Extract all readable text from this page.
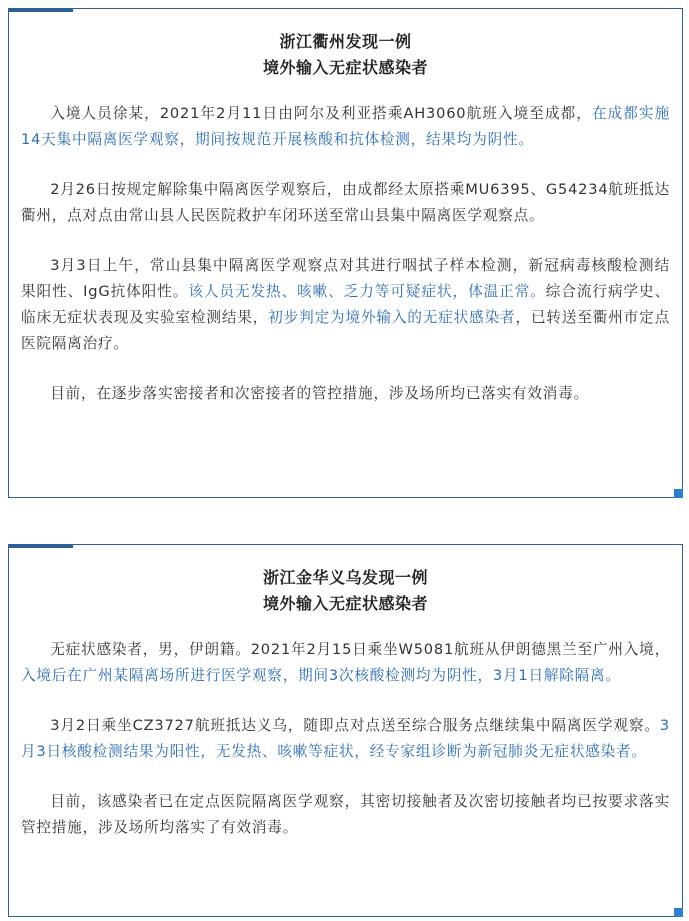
浙江衢州发现一例
境外输入无症状感染者

入境人员徐某，2021年2月11日由阿尔及利亚搭乘AH3060航班入境至成都，在成都实施14天集中隔离医学观察，期间按规范开展核酸和抗体检测，结果均为阴性。

2月26日按规定解除集中隔离医学观察后，由成都经太原搭乘MU6395、G54234航班抵达衢州，点对点由常山县人民医院救护车闭环送至常山县集中隔离医学观察点。

3月3日上午，常山县集中隔离医学观察点对其进行咽拭子样本检测，新冠病毒核酸检测结果阳性、IgG抗体阳性。该人员无发热、咳嗽、乏力等可疑症状，体温正常。综合流行病学史、临床无症状表现及实验室检测结果，初步判定为境外输入的无症状感染者，已转送至衢州市定点医院隔离治疗。

目前，在逐步落实密接者和次密接者的管控措施，涉及场所均已落实有效消毒。

浙江金华义乌发现一例
境外输入无症状感染者

无症状感染者，男，伊朗籍。2021年2月15日乘坐W5081航班从伊朗德黑兰至广州入境，入境后在广州某隔离场所进行医学观察，期间3次核酸检测均为阴性，3月1日解除隔离。

3月2日乘坐CZ3727航班抵达义乌，随即点对点送至综合服务点继续集中隔离医学观察。3月3日核酸检测结果为阳性，无发热、咳嗽等症状，经专家组诊断为新冠肺炎无症状感染者。

目前，该感染者已在定点医院隔离医学观察，其密切接触者及次密切接触者均已按要求落实管控措施，涉及场所均落实了有效消毒。
